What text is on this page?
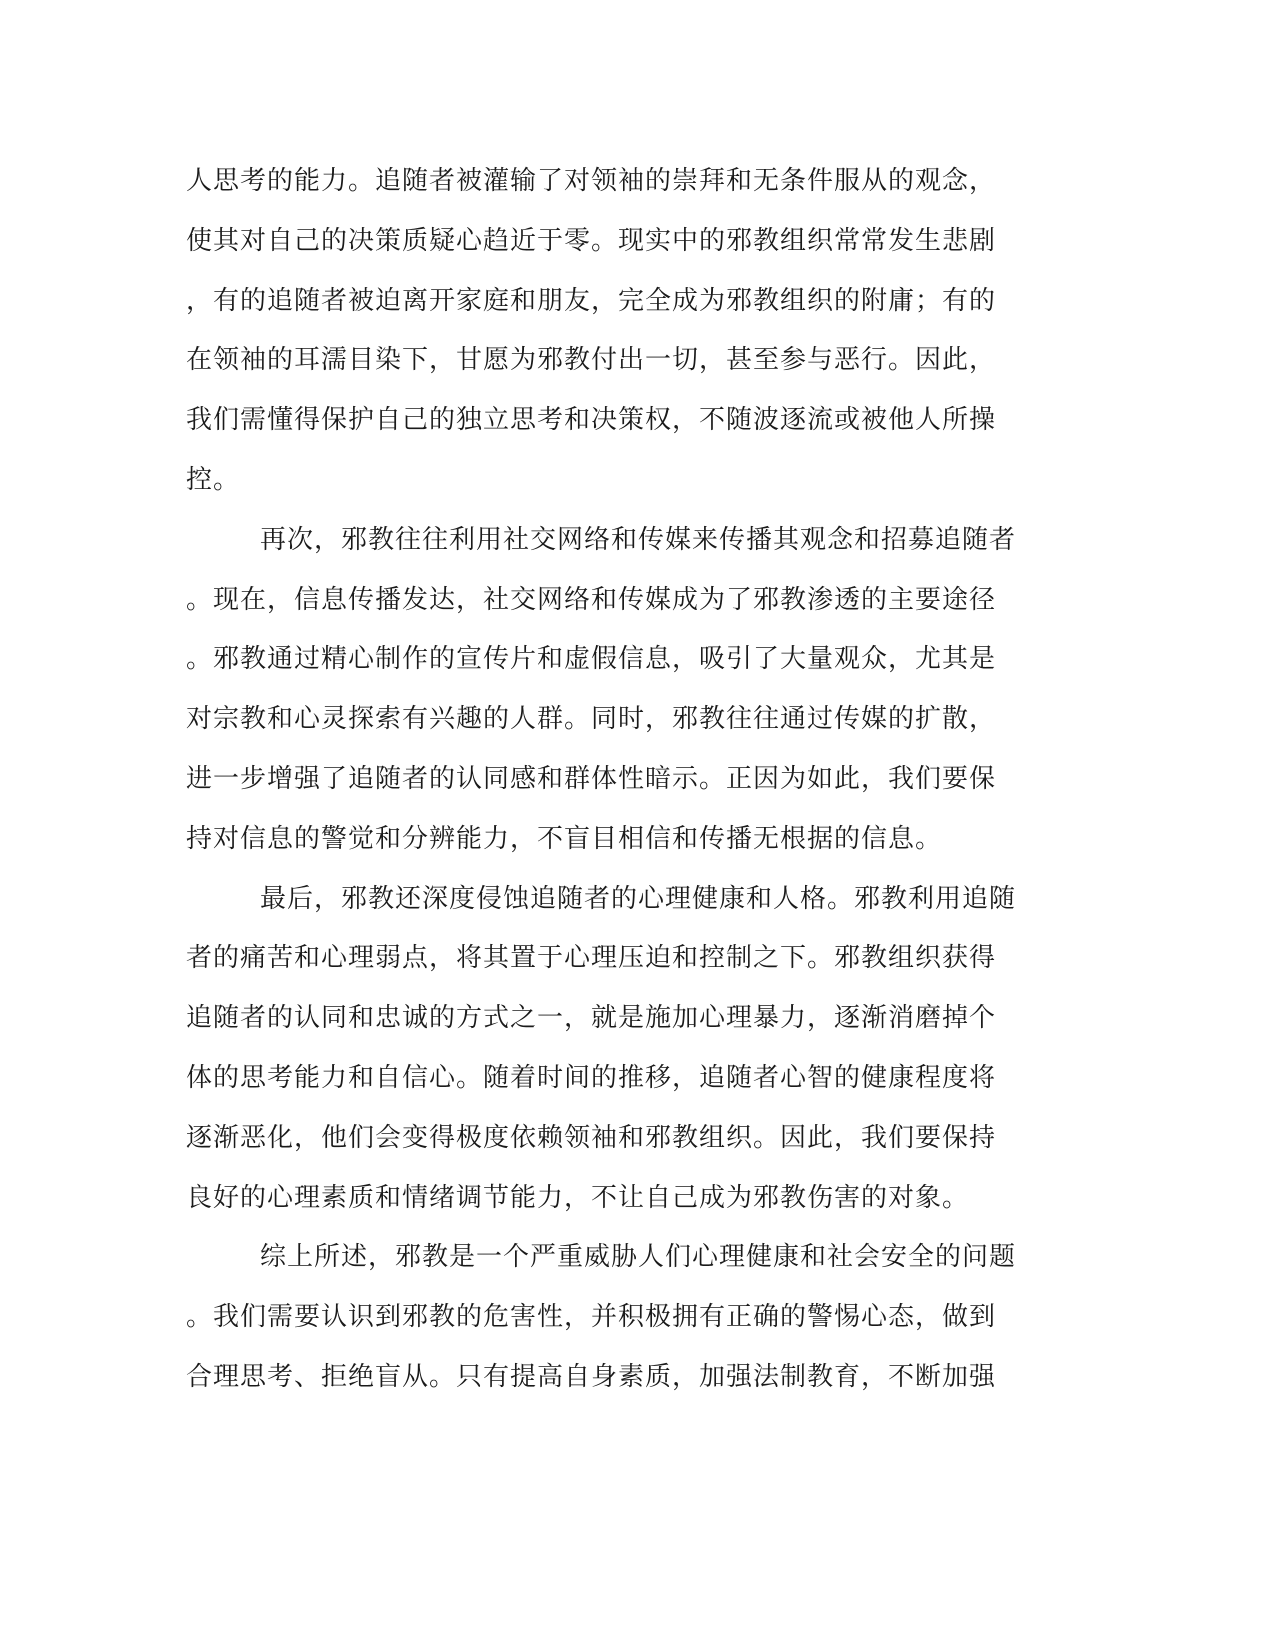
人思考的能力。追随者被灌输了对领袖的崇拜和无条件服从的观念，
使其对自己的决策质疑心趋近于零。现实中的邪教组织常常发生悲剧
，有的追随者被迫离开家庭和朋友，完全成为邪教组织的附庸；有的
在领袖的耳濡目染下，甘愿为邪教付出一切，甚至参与恶行。因此，
我们需懂得保护自己的独立思考和决策权，不随波逐流或被他人所操
控。
再次，邪教往往利用社交网络和传媒来传播其观念和招募追随者
。现在，信息传播发达，社交网络和传媒成为了邪教渗透的主要途径
。邪教通过精心制作的宣传片和虚假信息，吸引了大量观众，尤其是
对宗教和心灵探索有兴趣的人群。同时，邪教往往通过传媒的扩散，
进一步增强了追随者的认同感和群体性暗示。正因为如此，我们要保
持对信息的警觉和分辨能力，不盲目相信和传播无根据的信息。
最后，邪教还深度侵蚀追随者的心理健康和人格。邪教利用追随
者的痛苦和心理弱点，将其置于心理压迫和控制之下。邪教组织获得
追随者的认同和忠诚的方式之一，就是施加心理暴力，逐渐消磨掉个
体的思考能力和自信心。随着时间的推移，追随者心智的健康程度将
逐渐恶化，他们会变得极度依赖领袖和邪教组织。因此，我们要保持
良好的心理素质和情绪调节能力，不让自己成为邪教伤害的对象。
综上所述，邪教是一个严重威胁人们心理健康和社会安全的问题
。我们需要认识到邪教的危害性，并积极拥有正确的警惕心态，做到
合理思考、拒绝盲从。只有提高自身素质，加强法制教育，不断加强
